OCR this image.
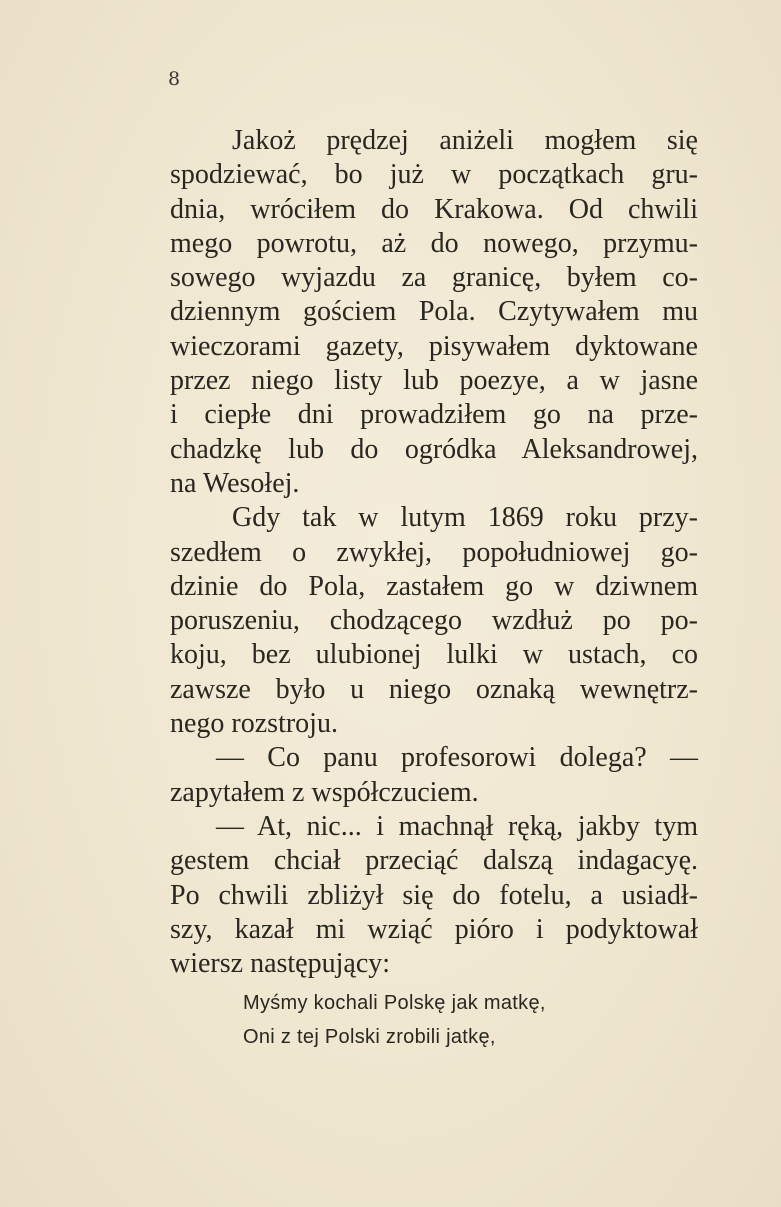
8
Jakoż prędzej aniżeli mogłem się
spodziewać, bo już w początkach gru-
dnia, wróciłem do Krakowa. Od chwili
mego powrotu, aż do nowego, przymu-
sowego wyjazdu za granicę, byłem co-
dziennym gościem Pola. Czytywałem mu
wieczorami gazety, pisywałem dyktowane
przez niego listy lub poezye, a w jasne
i ciepłe dni prowadziłem go na prze-
chadzkę lub do ogródka Aleksandrowej,
na Wesołej.
Gdy tak w lutym 1869 roku przy-
szedłem o zwykłej, popołudniowej go-
dzinie do Pola, zastałem go w dziwnem
poruszeniu, chodzącego wzdłuż po po-
koju, bez ulubionej lulki w ustach, co
zawsze było u niego oznaką wewnętrz-
nego rozstroju.
— Co panu profesorowi dolega? —
zapytałem z współczuciem.
— At, nic... i machnął ręką, jakby tym
gestem chciał przeciąć dalszą indagacyę.
Po chwili zbliżył się do fotelu, a usiadł-
szy, kazał mi wziąć pióro i podyktował
wiersz następujący:
Myśmy kochali Polskę jak matkę,
Oni z tej Polski zrobili jatkę,
